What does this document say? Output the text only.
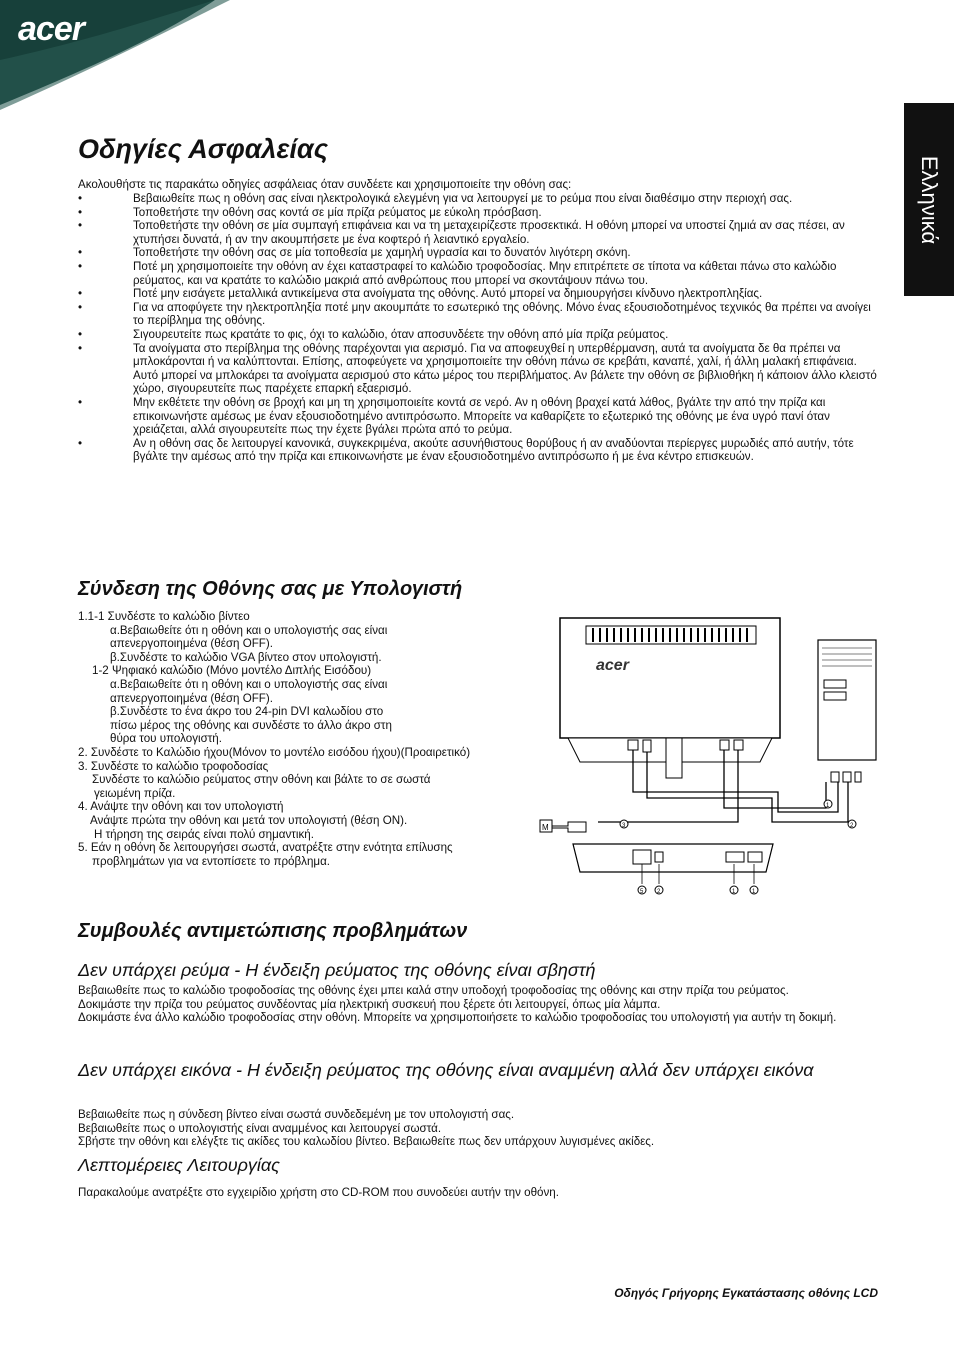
acer
Ελληνικά
Οδηγίες Ασφαλείας

Ακολουθήστε τις παρακάτω οδηγίες ασφάλειας όταν συνδέετε και χρησιμοποιείτε την οθόνη σας:

• Βεβαιωθείτε πως η οθόνη σας είναι ηλεκτρολογικά ελεγμένη για να λειτουργεί με το ρεύμα που είναι διαθέσιμο στην περιοχή σας.
• Τοποθετήστε την οθόνη σας κοντά σε μία πρίζα ρεύματος με εύκολη πρόσβαση.
• Τοποθετήστε την οθόνη σε μία συμπαγή επιφάνεια και να τη μεταχειρίζεστε προσεκτικά. Η οθόνη μπορεί να υποστεί ζημιά αν σας πέσει, αν χτυπήσει δυνατά, ή αν την ακουμπήσετε με ένα κοφτερό ή λειαντικό εργαλείο.
• Τοποθετήστε την οθόνη σας σε μία τοποθεσία με χαμηλή υγρασία και το δυνατόν λιγότερη σκόνη.
• Ποτέ μη χρησιμοποιείτε την οθόνη αν έχει καταστραφεί το καλώδιο τροφοδοσίας. Μην επιτρέπετε σε τίποτα να κάθεται πάνω στο καλώδιο ρεύματος, και να κρατάτε το καλώδιο μακριά από ανθρώπους που μπορεί να σκοντάψουν πάνω του.
• Ποτέ μην εισάγετε μεταλλικά αντικείμενα στα ανοίγματα της οθόνης. Αυτό μπορεί να δημιουργήσει κίνδυνο ηλεκτροπληξίας.
• Για να αποφύγετε την ηλεκτροπληξία ποτέ μην ακουμπάτε το εσωτερικό της οθόνης. Μόνο ένας εξουσιοδοτημένος τεχνικός θα πρέπει να ανοίγει το περίβλημα της οθόνης.
• Σιγουρευτείτε πως κρατάτε το φις, όχι το καλώδιο, όταν αποσυνδέετε την οθόνη από μία πρίζα ρεύματος.
• Τα ανοίγματα στο περίβλημα της οθόνης παρέχονται για αερισμό. Για να αποφευχθεί η υπερθέρμανση, αυτά τα ανοίγματα δε θα πρέπει να μπλοκάρονται ή να καλύπτονται. Επίσης, αποφεύγετε να χρησιμοποιείτε την οθόνη πάνω σε κρεβάτι, καναπέ, χαλί, ή άλλη μαλακή επιφάνεια. Αυτό μπορεί να μπλοκάρει τα ανοίγματα αερισμού στο κάτω μέρος του περιβλήματος. Αν βάλετε την οθόνη σε βιβλιοθήκη ή κάποιον άλλο κλειστό χώρο, σιγουρευτείτε πως παρέχετε επαρκή εξαερισμό.
• Μην εκθέτετε την οθόνη σε βροχή και μη τη χρησιμοποιείτε κοντά σε νερό. Αν η οθόνη βραχεί κατά λάθος, βγάλτε την από την πρίζα και επικοινωνήστε αμέσως με έναν εξουσιοδοτημένο αντιπρόσωπο. Μπορείτε να καθαρίζετε το εξωτερικό της οθόνης με ένα υγρό πανί όταν χρειάζεται, αλλά σιγουρευτείτε πως την έχετε βγάλει πρώτα από το ρεύμα.
• Αν η οθόνη σας δε λειτουργεί κανονικά, συγκεκριμένα, ακούτε ασυνήθιστους θορύβους ή αν αναδύονται περίεργες μυρωδιές από αυτήν, τότε βγάλτε την αμέσως από την πρίζα και επικοινωνήστε με έναν εξουσιοδοτημένο αντιπρόσωπο ή με ένα κέντρο επισκευών.
Σύνδεση της Οθόνης σας με Υπολογιστή
1.1-1 Συνδέστε το καλώδιο βίντεο
α.Βεβαιωθείτε ότι η οθόνη και ο υπολογιστής σας είναι
απενεργοποιημένα (θέση OFF).
β.Συνδέστε το καλώδιο VGA βίντεο στον υπολογιστή.
1-2 Ψηφιακό καλώδιο (Μόνο μοντέλο Διπλής Εισόδου)
α.Βεβαιωθείτε ότι η οθόνη και ο υπολογιστής σας είναι
απενεργοποιημένα (θέση OFF).
β.Συνδέστε το ένα άκρο του 24-pin DVI καλωδίου στο
πίσω μέρος της οθόνης και συνδέστε το άλλο άκρο στη
θύρα του υπολογιστή.
2. Συνδέστε το Καλώδιο ήχου(Μόνον το μοντέλο εισόδου ήχου)(Προαιρετικό)
3. Συνδέστε το καλώδιο τροφοδοσίας
Συνδέστε το καλώδιο ρεύματος στην οθόνη και βάλτε το σε σωστά
γειωμένη πρίζα.
4. Ανάψτε την οθόνη και τον υπολογιστή
Ανάψτε πρώτα την οθόνη και μετά τον υπολογιστή (θέση ON).
Η τήρηση της σειράς είναι πολύ σημαντική.
5. Εάν η οθόνη δε λειτουργήσει σωστά, ανατρέξτε στην ενότητα επίλυσης
προβλημάτων για να εντοπίσετε το πρόβλημα.
acer
M	3
1
2
5 2	1	1
Συμβουλές αντιμετώπισης προβλημάτων
Δεν υπάρχει ρεύμα - Η ένδειξη ρεύματος της οθόνης είναι σβηστή
Βεβαιωθείτε πως το καλώδιο τροφοδοσίας της οθόνης έχει μπει καλά στην υποδοχή τροφοδοσίας της οθόνης και στην πρίζα του ρεύματος.
Δοκιμάστε την πρίζα του ρεύματος συνδέοντας μία ηλεκτρική συσκευή που ξέρετε ότι λειτουργεί, όπως μία λάμπα.
Δοκιμάστε ένα άλλο καλώδιο τροφοδοσίας στην οθόνη. Μπορείτε να χρησιμοποιήσετε το καλώδιο τροφοδοσίας του υπολογιστή για αυτήν τη δοκιμή.
Δεν υπάρχει εικόνα - Η ένδειξη ρεύματος της οθόνης είναι αναμμένη αλλά δεν υπάρχει εικόνα
Βεβαιωθείτε πως η σύνδεση βίντεο είναι σωστά συνδεδεμένη με τον υπολογιστή σας.
Βεβαιωθείτε πως ο υπολογιστής είναι αναμμένος και λειτουργεί σωστά.
Σβήστε την οθόνη και ελέγξτε τις ακίδες του καλωδίου βίντεο. Βεβαιωθείτε πως δεν υπάρχουν λυγισμένες ακίδες.
Λεπτομέρειες Λειτουργίας

Παρακαλούμε ανατρέξτε στο εγχειρίδιο χρήστη στο CD-ROM που συνοδεύει αυτήν την οθόνη.

Οδηγός Γρήγορης Εγκατάστασης οθόνης LCD
